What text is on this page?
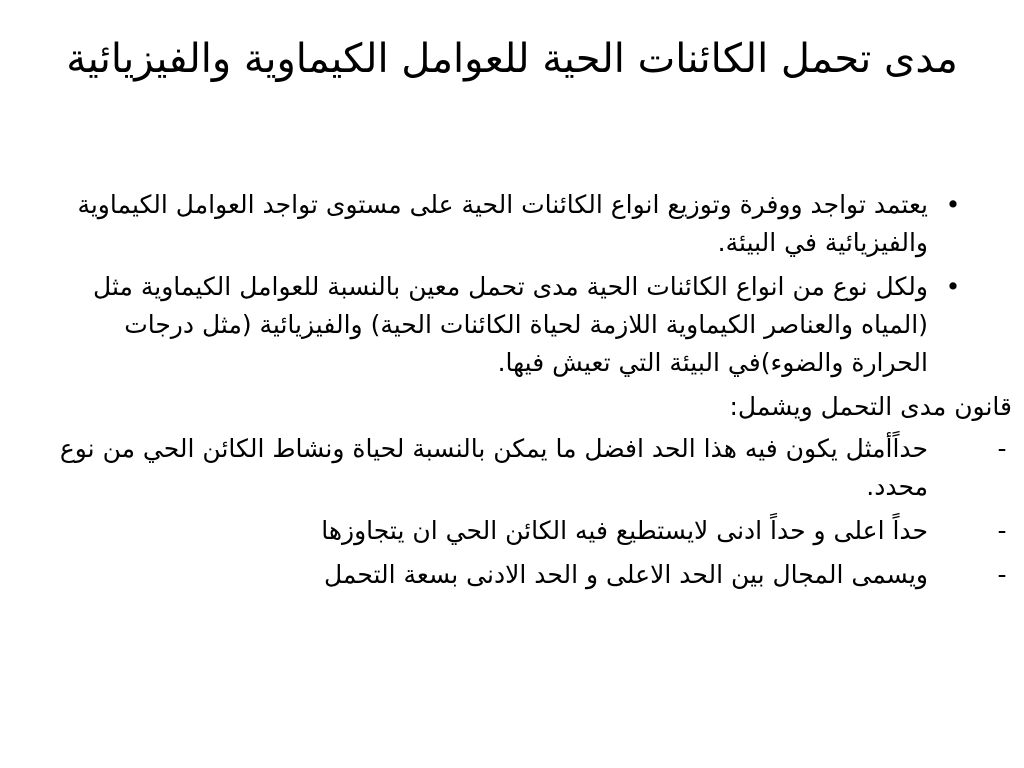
مدى تحمل الكائنات الحية للعوامل الكيماوية والفيزيائية
•
يعتمد تواجد ووفرة وتوزيع انواع الكائنات الحية على مستوى تواجد العوامل الكيماوية والفيزيائية في البيئة.
•
ولكل نوع من انواع الكائنات الحية مدى تحمل معين بالنسبة للعوامل الكيماوية مثل (المياه والعناصر الكيماوية اللازمة لحياة الكائنات الحية) والفيزيائية (مثل درجات الحرارة والضوء)في البيئة التي تعيش فيها.
قانون مدى التحمل ويشمل:
-
حداًأمثل يكون فيه هذا الحد افضل ما يمكن بالنسبة لحياة ونشاط الكائن الحي من نوع محدد.
-
حداً اعلى و حداً ادنى لايستطيع فيه الكائن الحي ان يتجاوزها
-
ويسمى المجال بين الحد الاعلى و الحد الادنى بسعة التحمل
